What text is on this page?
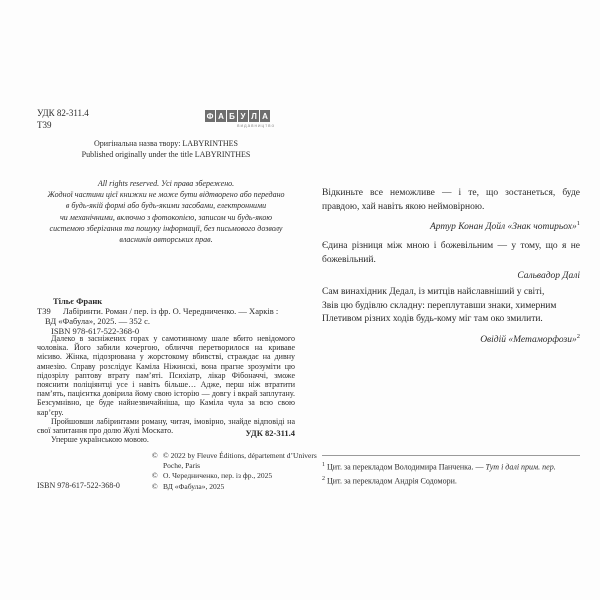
УДК 82-311.4
Т39
Ф А Б У Л А
видавництво
Оригінальна назва твору: LABYRINTHES
Published originally under the title LABYRINTHES
All rights reserved. Усі права збережено.
Жодної частини цієї книжки не може бути відтворено або передано
в будь-якій формі або будь-якими засобами, електронними
чи механічними, включно з фотокопією, записом чи будь-якою
системою зберігання та пошуку інформації, без письмового дозволу
власників авторських прав.
Тільє Франк
Т39 Лабіринти. Роман / пер. із фр. О. Чередниченко. — Харків :
ВД «Фабула», 2025. — 352 с.
ISBN 978-617-522-368-0

Далеко в засніжених горах у самотинному шале вбито невідомого чоловіка. Його забили кочергою, обличчя перетворилося на криваве місиво. Жінка, підозрювана у жорстокому вбивстві, страждає на дивну амнезію. Справу розслідує Каміла Ніжинскі, вона прагне зрозуміти цю підозрілу раптову втрату пам’яті. Психіатр, лікар Фібоначчі, зможе пояснити поліціянтці усе і навіть більше… Адже, перш ніж втратити пам’ять, пацієнтка довірила йому свою історію — довгу і вкрай заплутану. Безсумнівно, це буде найнезвичайніша, що Каміла чула за всю свою кар’єру.

Пройшовши лабіринтами роману, читач, імовірно, знайде відповіді на свої запитання про долю Жулі Москато.

Уперше українською мовою.

УДК 82-311.4
© © 2022 by Fleuve Éditions, département d’Univers Poche, Paris
© О. Чередниченко, пер. із фр., 2025
© ВД «Фабула», 2025
ISBN 978-617-522-368-0
Відкиньте все неможливе — і те, що зостанеться, буде правдою, хай навіть якою неймовірною.
Артур Конан Дойл «Знак чотирьох»$^1$
Єдина різниця між мною і божевільним — у тому, що я не божевільний.
Сальвадор Далі
Сам винахідник Дедал, із митців найславніший у світі,
Звів цю будівлю складну: переплутавши знаки, химерним
Плетивом різних ходів будь-кому міг там око змилити.
Овідій «Метаморфози»$^2$
$^1$ Цит. за перекладом Володимира Панченка. — Тут і далі прим. пер.
$^2$ Цит. за перекладом Андрія Содомори.
